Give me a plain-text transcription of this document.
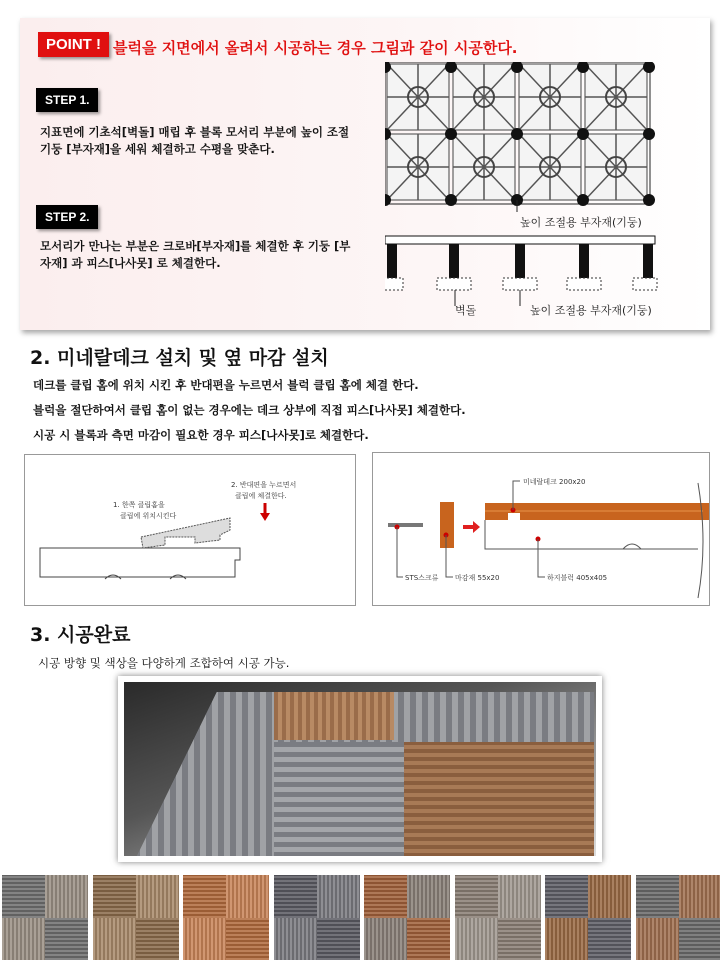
POINT ! 블럭을 지면에서 올려서 시공하는 경우 그림과 같이 시공한다.
STEP 1.
지표면에 기초석[벽돌] 매립 후 블록 모서리 부분에 높이 조절 기둥 [부자재]을 세워 체결하고 수평을 맞춘다.
STEP 2.
모서리가 만나는 부분은 크로바[부자재]를 체결한 후 기둥 [부자재] 과 피스[나사못] 로 체결한다.
높이 조절용 부자재(기둥)
벽돌	높이 조절용 부자재(기둥)
2. 미네랄데크 설치 및 옆 마감 설치
데크를 클립 홈에 위치 시킨 후 반대편을 누르면서 블럭 클립 홈에 체결 한다.
블럭을 절단하여서 클립 홈이 없는 경우에는 데크 상부에 직접 피스[나사못] 체결한다.
시공 시 블록과 측면 마감이 필요한 경우 피스[나사못]로 체결한다.
1. 한쪽 클립홈을
클립에 위치시킨다
2. 반대편을 누르면서
클립에 체결한다.
미네랄데크 200x20
STS스크류 마감재 55x20	하지블럭 405x405
3. 시공완료
시공 방향 및 색상을 다양하게 조합하여 시공 가능.
